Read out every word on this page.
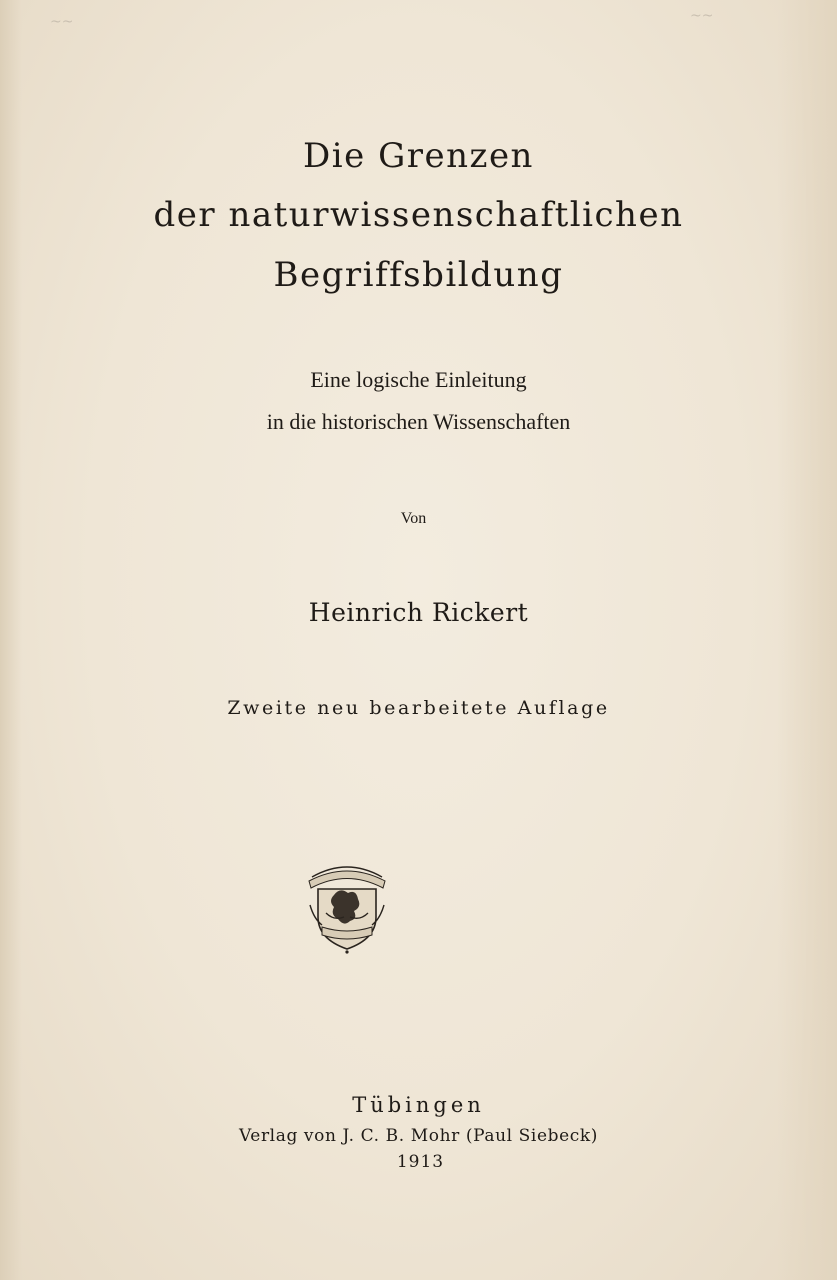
~~	~~
Die Grenzen
der naturwissenschaftlichen
Begriffsbildung
Eine logische Einleitung
in die historischen Wissenschaften
Von
Heinrich Rickert
Zweite neu bearbeitete Auflage
Tübingen
Verlag von J. C. B. Mohr (Paul Siebeck)
1913
